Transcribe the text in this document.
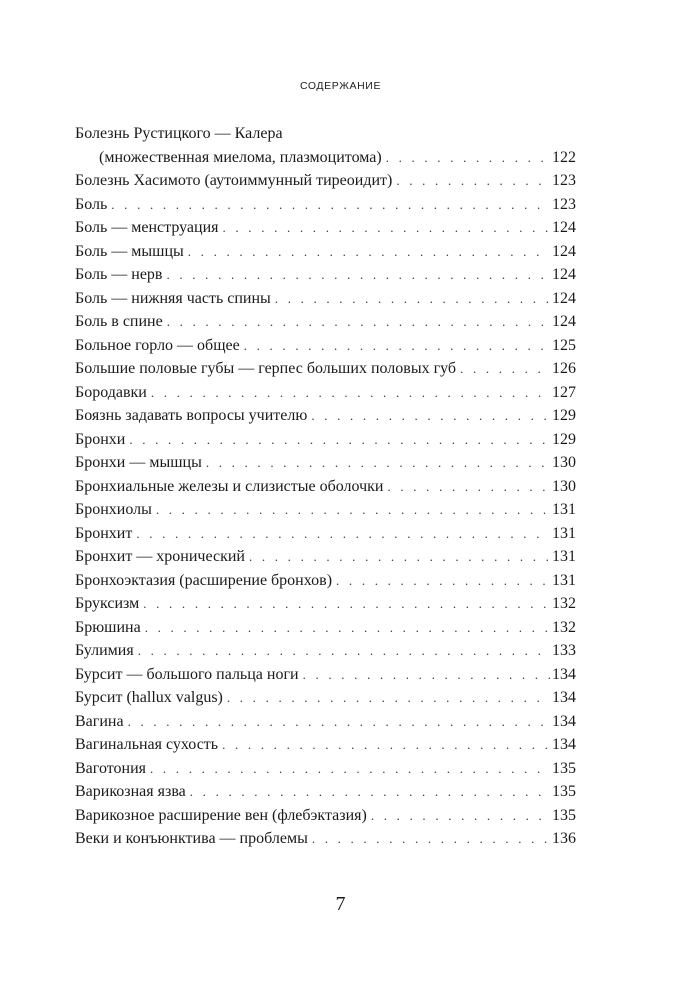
СОДЕРЖАНИЕ
Болезнь Рустицкого — Калера
(множественная миелома, плазмоцитома) . . .	122
Болезнь Хасимото (аутоиммунный тиреоидит) . . .	123
Боль . . .	123
Боль — менструация . . .	124
Боль — мышцы . . .	124
Боль — нерв . . .	124
Боль — нижняя часть спины . . .	124
Боль в спине . . .	124
Больное горло — общее . . .	125
Большие половые губы — герпес больших половых губ . . .	126
Бородавки . . .	127
Боязнь задавать вопросы учителю . . .	129
Бронхи . . .	129
Бронхи — мышцы . . .	130
Бронхиальные железы и слизистые оболочки . . .	130
Бронхиолы . . .	131
Бронхит . . .	131
Бронхит — хронический . . .	131
Бронхоэктазия (расширение бронхов) . . .	131
Бруксизм . . .	132
Брюшина . . .	132
Булимия . . .	133
Бурсит — большого пальца ноги . . .	134
Бурсит (hallux valgus) . . .	134
Вагина . . .	134
Вагинальная сухость . . .	134
Ваготония . . .	135
Варикозная язва . . .	135
Варикозное расширение вен (флебэктазия) . . .	135
Веки и конъюнктива — проблемы . . .	136
7
